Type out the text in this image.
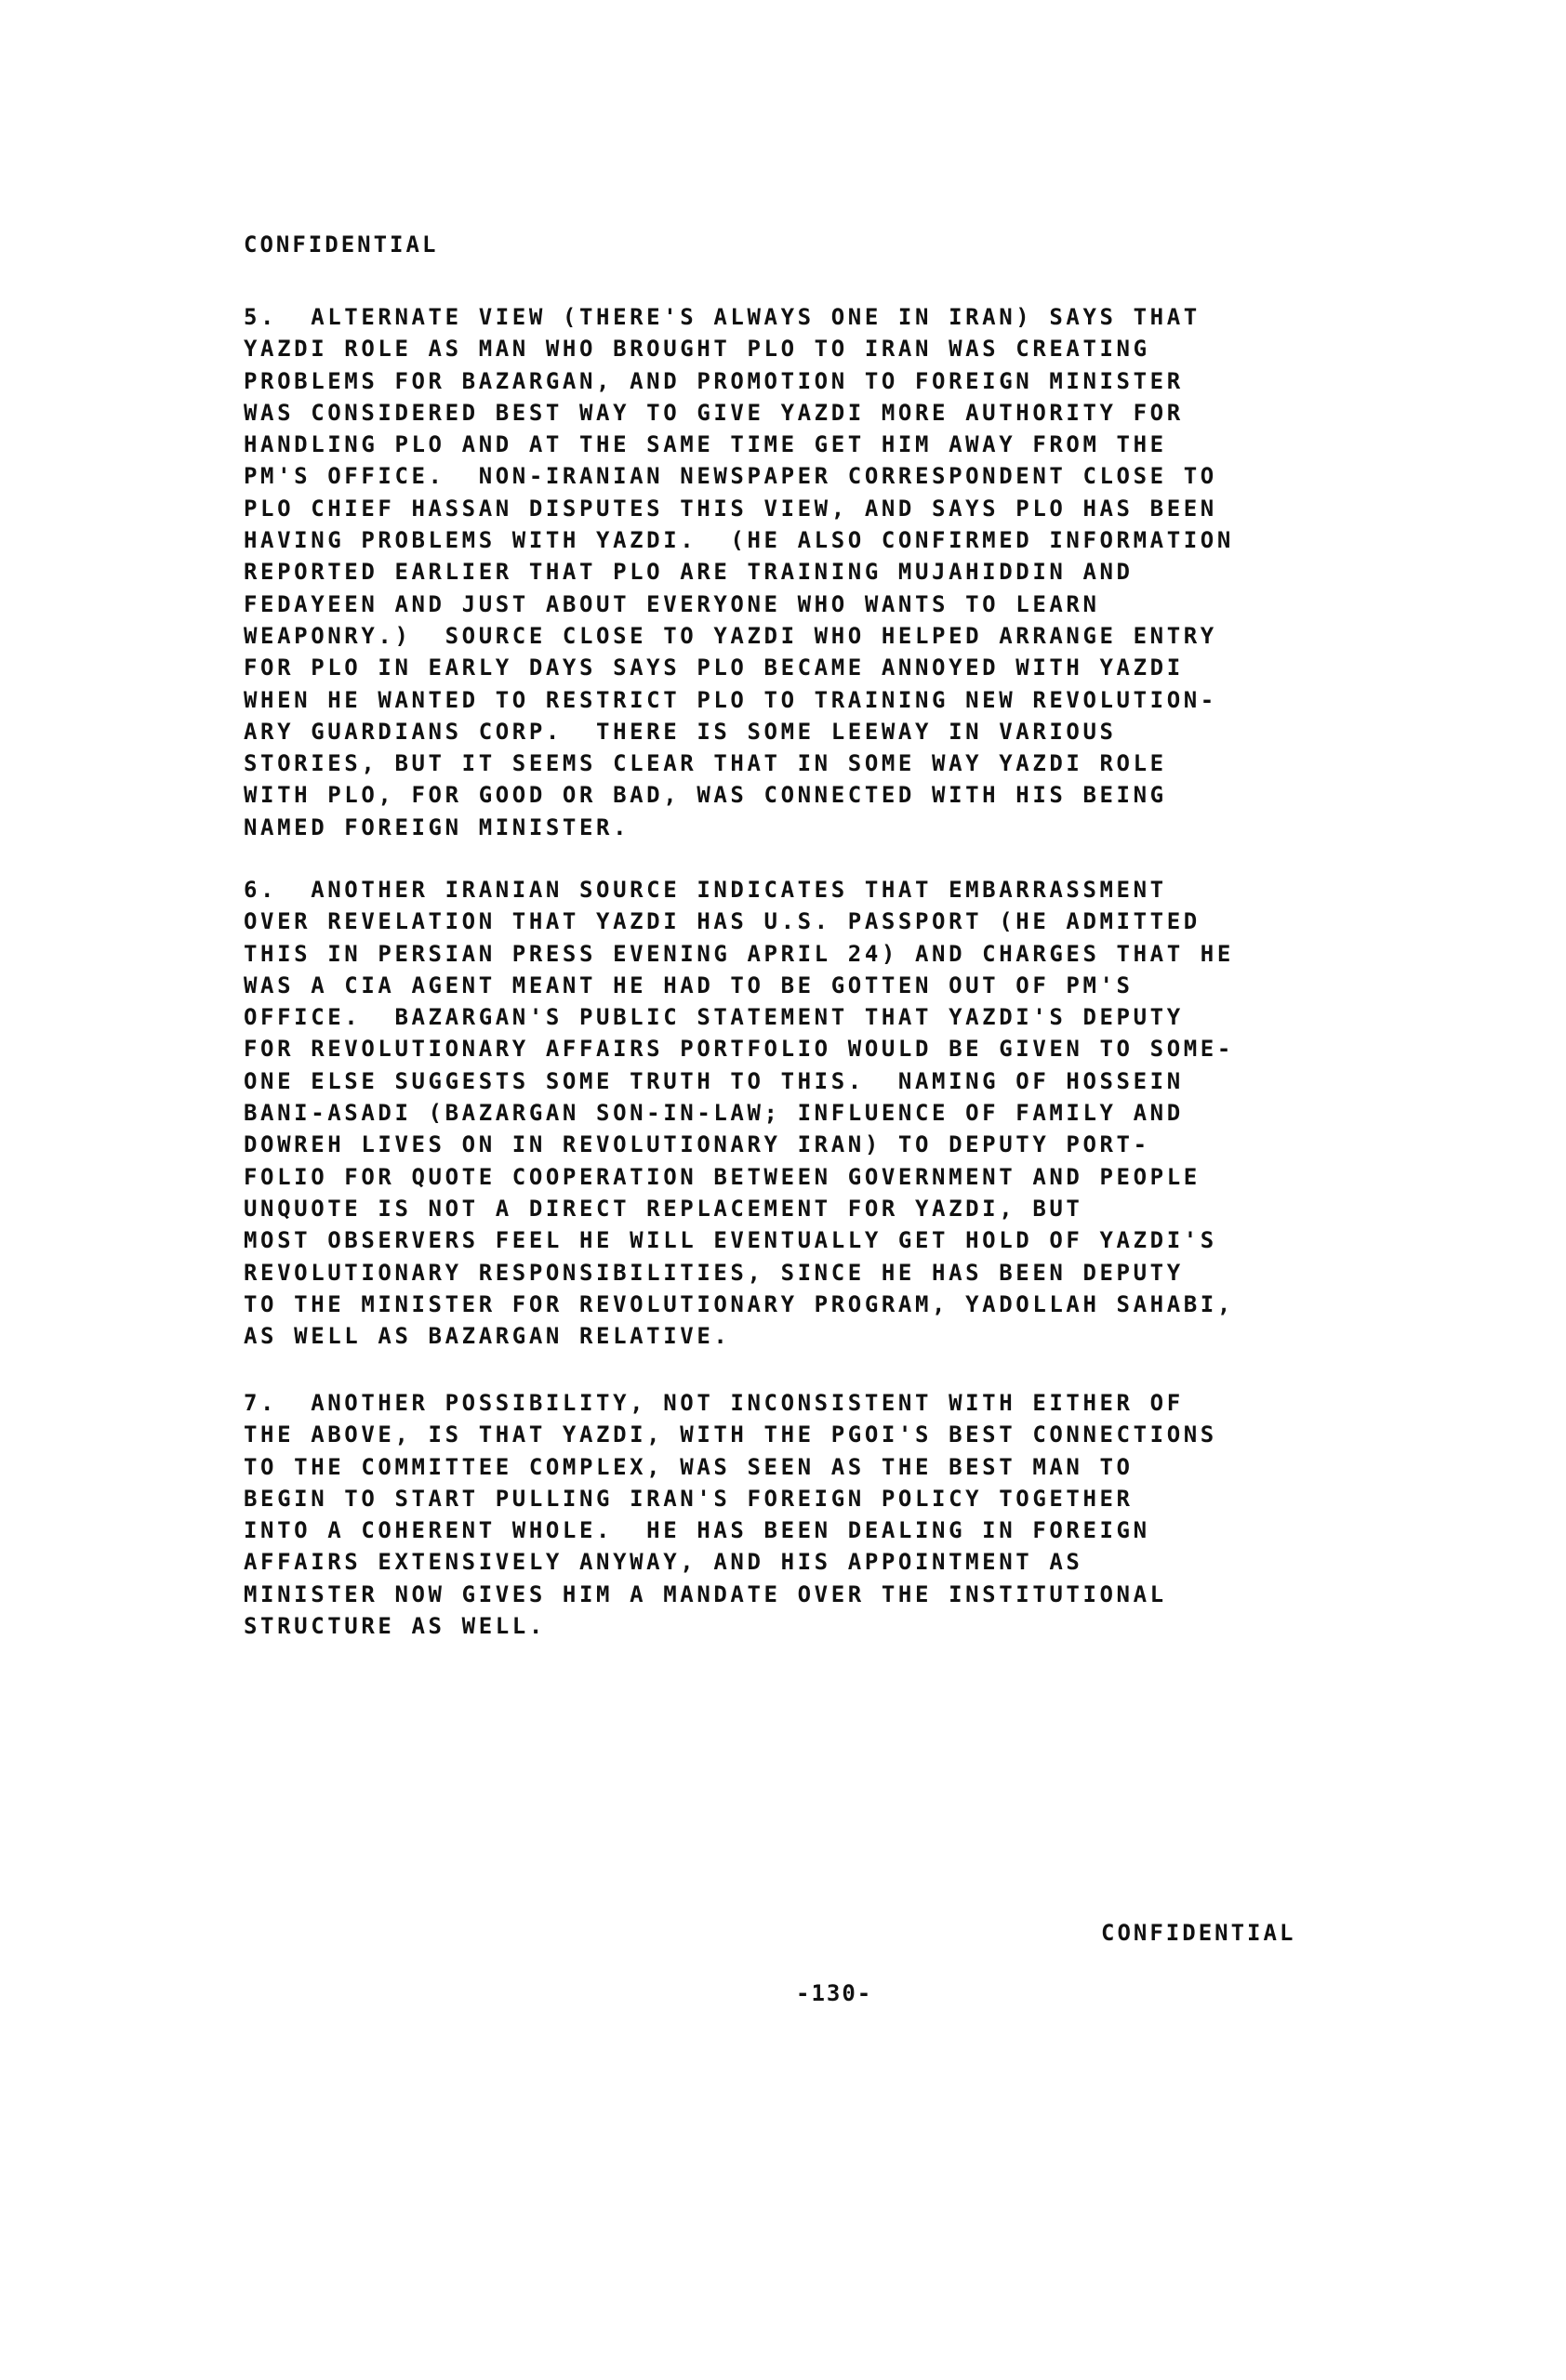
CONFIDENTIAL
5.  ALTERNATE VIEW (THERE'S ALWAYS ONE IN IRAN) SAYS THAT
YAZDI ROLE AS MAN WHO BROUGHT PLO TO IRAN WAS CREATING
PROBLEMS FOR BAZARGAN, AND PROMOTION TO FOREIGN MINISTER
WAS CONSIDERED BEST WAY TO GIVE YAZDI MORE AUTHORITY FOR
HANDLING PLO AND AT THE SAME TIME GET HIM AWAY FROM THE
PM'S OFFICE.  NON-IRANIAN NEWSPAPER CORRESPONDENT CLOSE TO
PLO CHIEF HASSAN DISPUTES THIS VIEW, AND SAYS PLO HAS BEEN
HAVING PROBLEMS WITH YAZDI.  (HE ALSO CONFIRMED INFORMATION
REPORTED EARLIER THAT PLO ARE TRAINING MUJAHIDDIN AND
FEDAYEEN AND JUST ABOUT EVERYONE WHO WANTS TO LEARN
WEAPONRY.)  SOURCE CLOSE TO YAZDI WHO HELPED ARRANGE ENTRY
FOR PLO IN EARLY DAYS SAYS PLO BECAME ANNOYED WITH YAZDI
WHEN HE WANTED TO RESTRICT PLO TO TRAINING NEW REVOLUTION-
ARY GUARDIANS CORP.  THERE IS SOME LEEWAY IN VARIOUS
STORIES, BUT IT SEEMS CLEAR THAT IN SOME WAY YAZDI ROLE
WITH PLO, FOR GOOD OR BAD, WAS CONNECTED WITH HIS BEING
NAMED FOREIGN MINISTER.
6.  ANOTHER IRANIAN SOURCE INDICATES THAT EMBARRASSMENT
OVER REVELATION THAT YAZDI HAS U.S. PASSPORT (HE ADMITTED
THIS IN PERSIAN PRESS EVENING APRIL 24) AND CHARGES THAT HE
WAS A CIA AGENT MEANT HE HAD TO BE GOTTEN OUT OF PM'S
OFFICE.  BAZARGAN'S PUBLIC STATEMENT THAT YAZDI'S DEPUTY
FOR REVOLUTIONARY AFFAIRS PORTFOLIO WOULD BE GIVEN TO SOME-
ONE ELSE SUGGESTS SOME TRUTH TO THIS.  NAMING OF HOSSEIN
BANI-ASADI (BAZARGAN SON-IN-LAW; INFLUENCE OF FAMILY AND
DOWREH LIVES ON IN REVOLUTIONARY IRAN) TO DEPUTY PORT-
FOLIO FOR QUOTE COOPERATION BETWEEN GOVERNMENT AND PEOPLE
UNQUOTE IS NOT A DIRECT REPLACEMENT FOR YAZDI, BUT
MOST OBSERVERS FEEL HE WILL EVENTUALLY GET HOLD OF YAZDI'S
REVOLUTIONARY RESPONSIBILITIES, SINCE HE HAS BEEN DEPUTY
TO THE MINISTER FOR REVOLUTIONARY PROGRAM, YADOLLAH SAHABI,
AS WELL AS BAZARGAN RELATIVE.
7.  ANOTHER POSSIBILITY, NOT INCONSISTENT WITH EITHER OF
THE ABOVE, IS THAT YAZDI, WITH THE PGOI'S BEST CONNECTIONS
TO THE COMMITTEE COMPLEX, WAS SEEN AS THE BEST MAN TO
BEGIN TO START PULLING IRAN'S FOREIGN POLICY TOGETHER
INTO A COHERENT WHOLE.  HE HAS BEEN DEALING IN FOREIGN
AFFAIRS EXTENSIVELY ANYWAY, AND HIS APPOINTMENT AS
MINISTER NOW GIVES HIM A MANDATE OVER THE INSTITUTIONAL
STRUCTURE AS WELL.
CONFIDENTIAL
-130-
